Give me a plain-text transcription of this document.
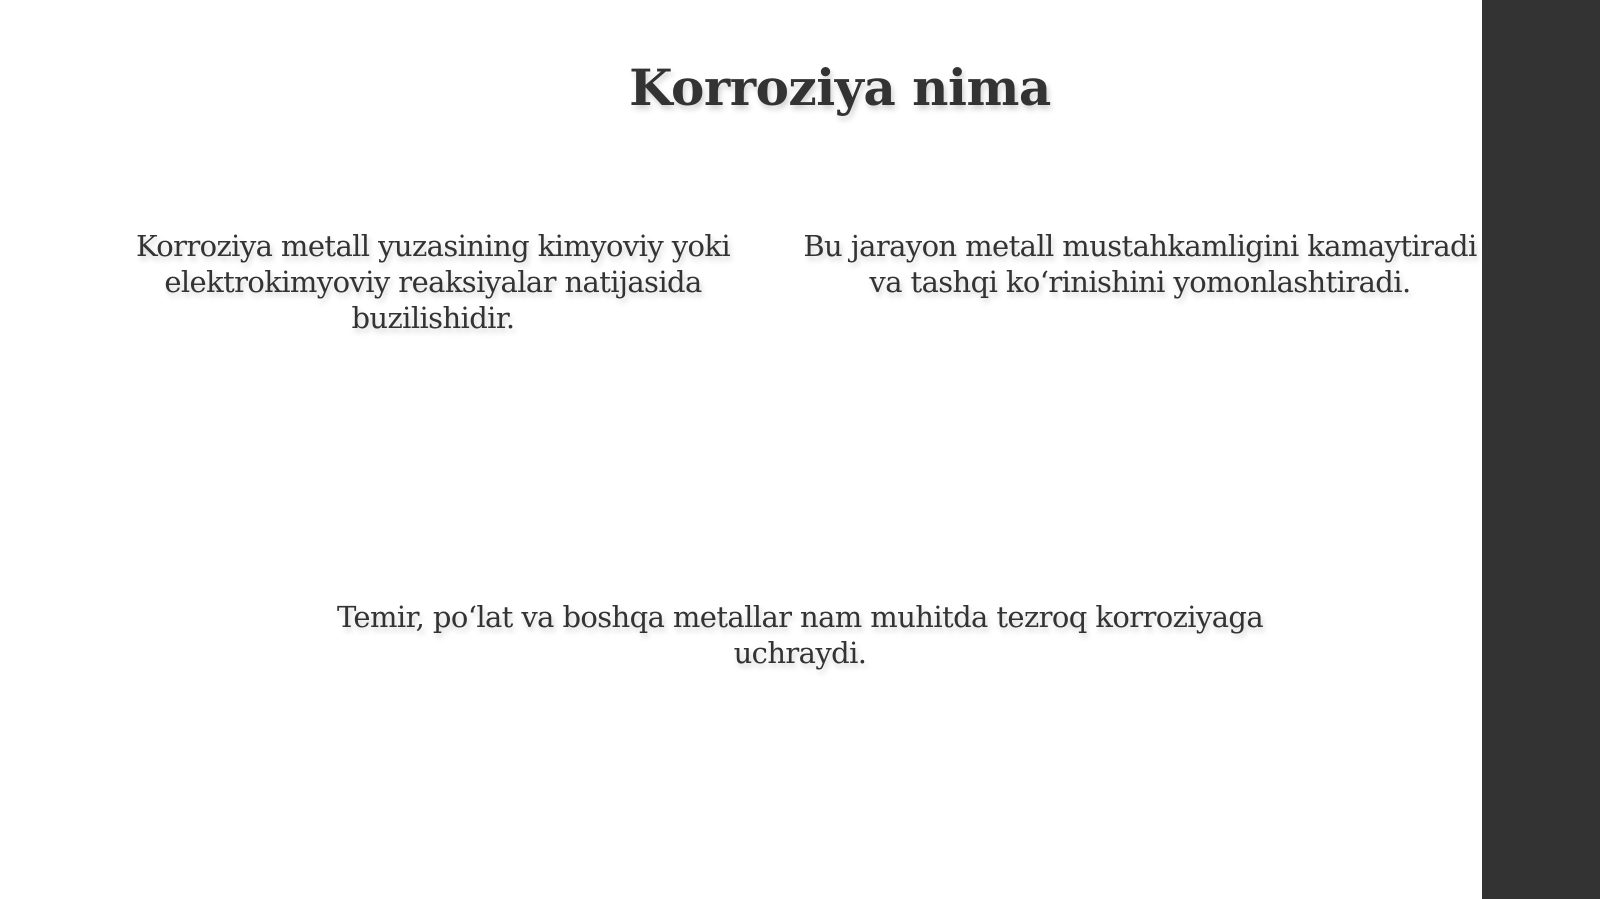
Korroziya nima
Korroziya metall yuzasining kimyoviy yoki elektrokimyoviy reaksiyalar natijasida buzilishidir.
Bu jarayon metall mustahkamligini kamaytiradi va tashqi ko‘rinishini yomonlashtiradi.
Temir, po‘lat va boshqa metallar nam muhitda tezroq korroziyaga uchraydi.
